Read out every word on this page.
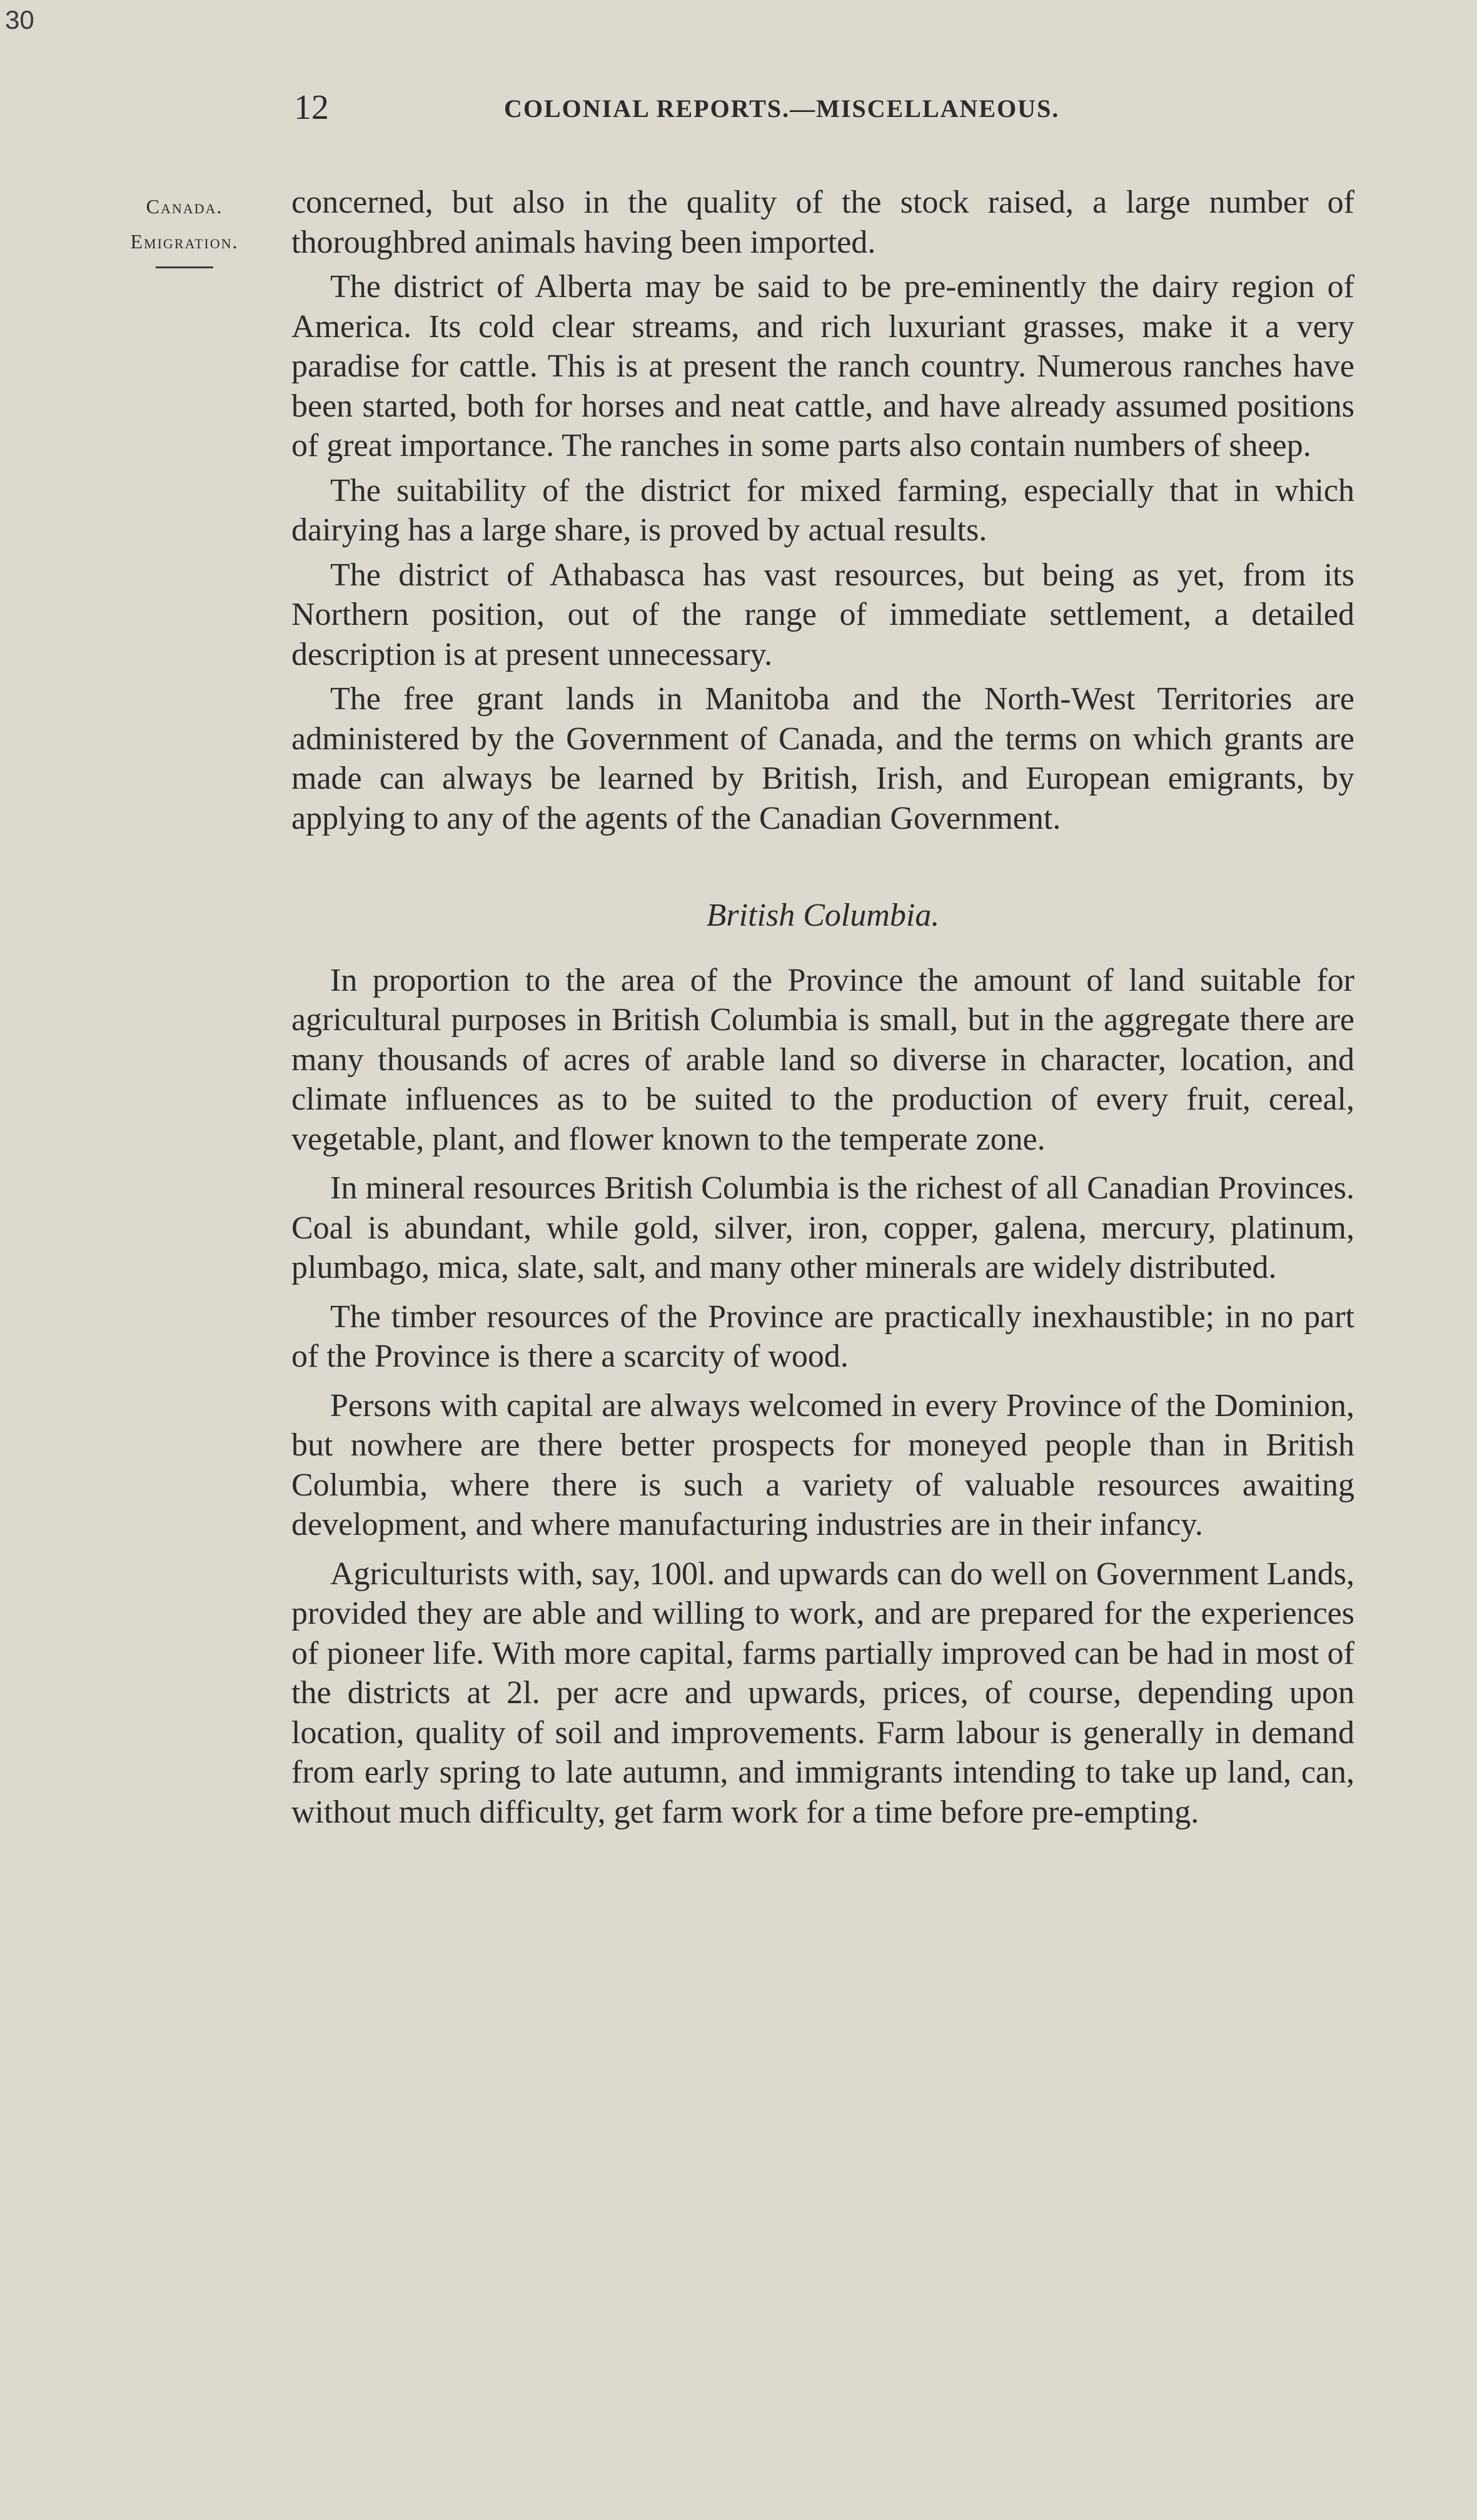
30
12	COLONIAL REPORTS.—MISCELLANEOUS.
Canada.
Emigration.

concerned, but also in the quality of the stock raised, a large number of thoroughbred animals having been imported.

The district of Alberta may be said to be pre-eminently the dairy region of America. Its cold clear streams, and rich luxuriant grasses, make it a very paradise for cattle. This is at present the ranch country. Numerous ranches have been started, both for horses and neat cattle, and have already assumed positions of great importance. The ranches in some parts also contain numbers of sheep.

The suitability of the district for mixed farming, especially that in which dairying has a large share, is proved by actual results.

The district of Athabasca has vast resources, but being as yet, from its Northern position, out of the range of immediate settlement, a detailed description is at present unnecessary.

The free grant lands in Manitoba and the North-West Territories are administered by the Government of Canada, and the terms on which grants are made can always be learned by British, Irish, and European emigrants, by applying to any of the agents of the Canadian Government.

British Columbia.

In proportion to the area of the Province the amount of land suitable for agricultural purposes in British Columbia is small, but in the aggregate there are many thousands of acres of arable land so diverse in character, location, and climate influences as to be suited to the production of every fruit, cereal, vegetable, plant, and flower known to the temperate zone.

In mineral resources British Columbia is the richest of all Canadian Provinces. Coal is abundant, while gold, silver, iron, copper, galena, mercury, platinum, plumbago, mica, slate, salt, and many other minerals are widely distributed.

The timber resources of the Province are practically inexhaustible; in no part of the Province is there a scarcity of wood.

Persons with capital are always welcomed in every Province of the Dominion, but nowhere are there better prospects for moneyed people than in British Columbia, where there is such a variety of valuable resources awaiting development, and where manufacturing industries are in their infancy.

Agriculturists with, say, 100l. and upwards can do well on Government Lands, provided they are able and willing to work, and are prepared for the experiences of pioneer life. With more capital, farms partially improved can be had in most of the districts at 2l. per acre and upwards, prices, of course, depending upon location, quality of soil and improvements. Farm labour is generally in demand from early spring to late autumn, and immigrants intending to take up land, can, without much difficulty, get farm work for a time before pre-empting.
